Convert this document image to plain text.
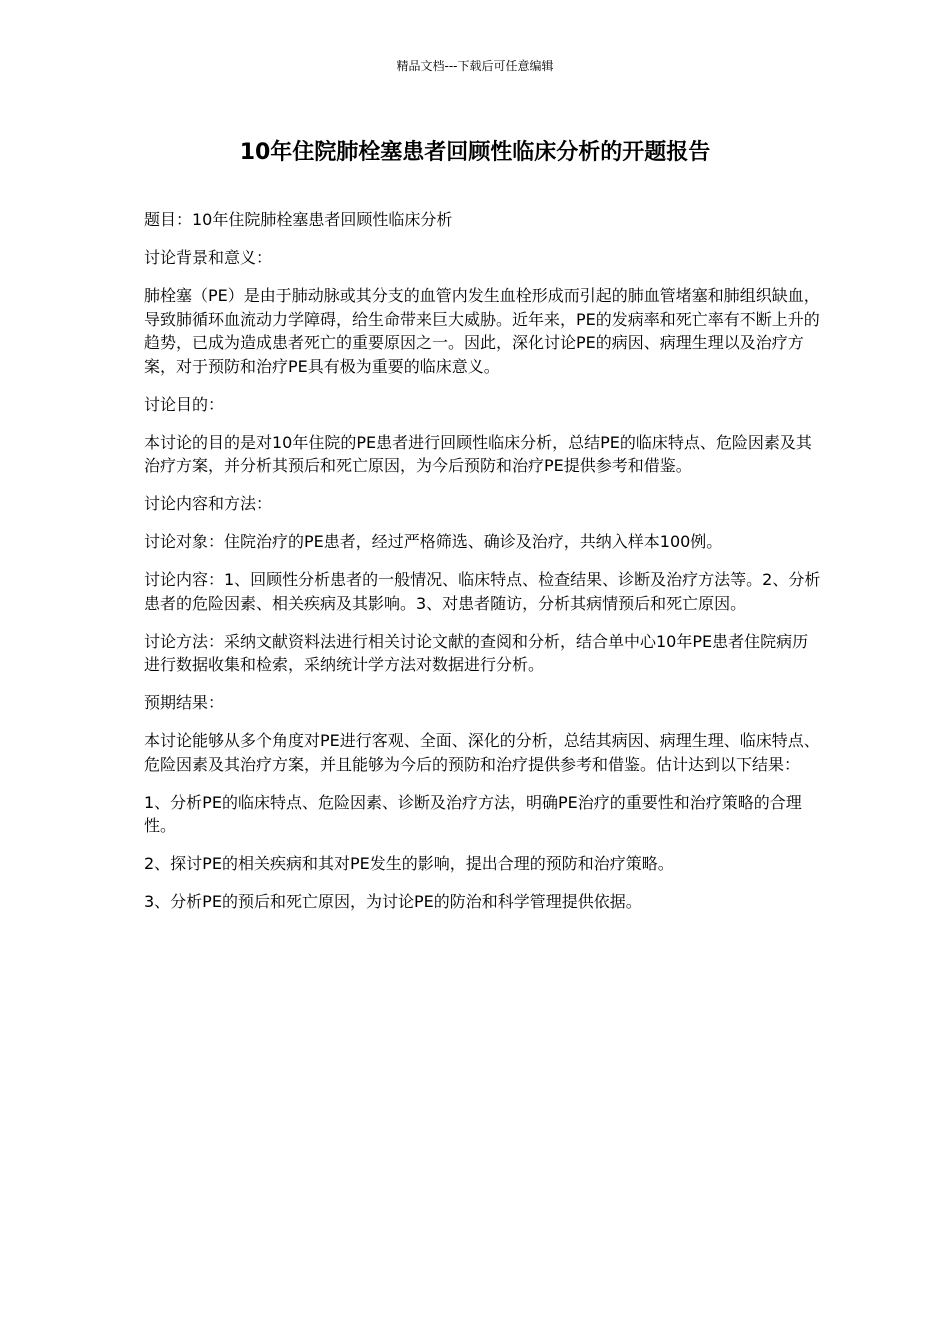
精品文档---下载后可任意编辑
10年住院肺栓塞患者回顾性临床分析的开题报告

题目：10年住院肺栓塞患者回顾性临床分析

讨论背景和意义：

肺栓塞（PE）是由于肺动脉或其分支的血管内发生血栓形成而引起的肺血管堵塞和肺组织缺血，导致肺循环血流动力学障碍，给生命带来巨大威胁。近年来，PE的发病率和死亡率有不断上升的趋势，已成为造成患者死亡的重要原因之一。因此，深化讨论PE的病因、病理生理以及治疗方案，对于预防和治疗PE具有极为重要的临床意义。

讨论目的：

本讨论的目的是对10年住院的PE患者进行回顾性临床分析，总结PE的临床特点、危险因素及其治疗方案，并分析其预后和死亡原因，为今后预防和治疗PE提供参考和借鉴。

讨论内容和方法：

讨论对象：住院治疗的PE患者，经过严格筛选、确诊及治疗，共纳入样本100例。

讨论内容：1、回顾性分析患者的一般情况、临床特点、检查结果、诊断及治疗方法等。2、分析患者的危险因素、相关疾病及其影响。3、对患者随访，分析其病情预后和死亡原因。

讨论方法：采纳文献资料法进行相关讨论文献的查阅和分析，结合单中心10年PE患者住院病历进行数据收集和检索，采纳统计学方法对数据进行分析。

预期结果：

本讨论能够从多个角度对PE进行客观、全面、深化的分析，总结其病因、病理生理、临床特点、危险因素及其治疗方案，并且能够为今后的预防和治疗提供参考和借鉴。估计达到以下结果：

1、分析PE的临床特点、危险因素、诊断及治疗方法，明确PE治疗的重要性和治疗策略的合理性。

2、探讨PE的相关疾病和其对PE发生的影响，提出合理的预防和治疗策略。

3、分析PE的预后和死亡原因，为讨论PE的防治和科学管理提供依据。
